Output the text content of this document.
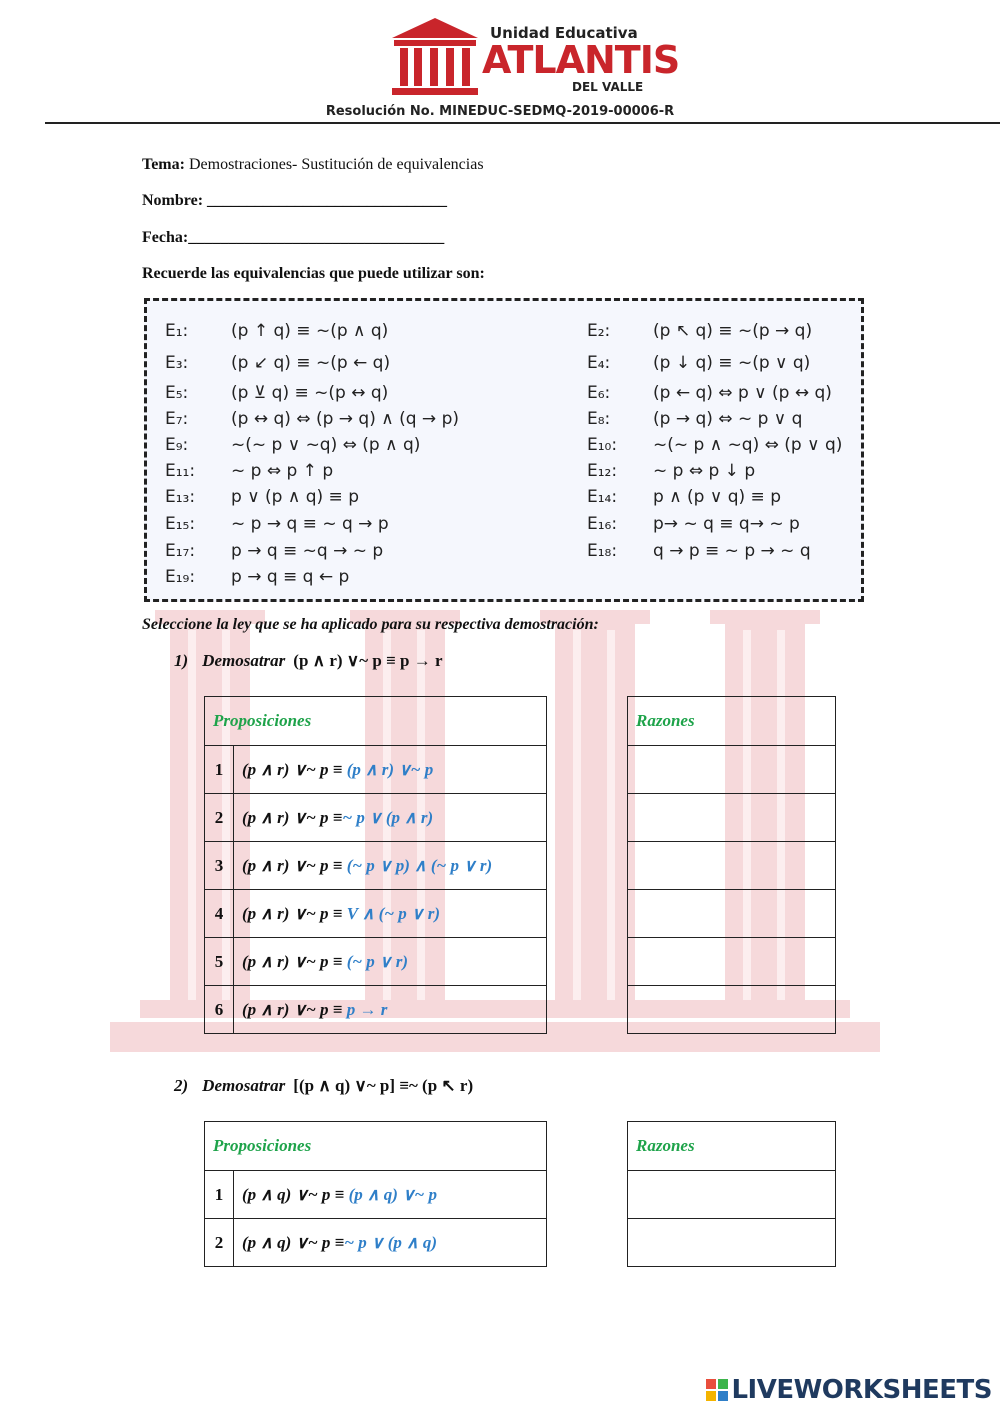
Unidad Educativa
ATLANTIS
DEL VALLE
Resolución No. MINEDUC-SEDMQ-2019-00006-R
Tema: Demostraciones- Sustitución de equivalencias
Nombre: ______________________________
Fecha:________________________________
Recuerde las equivalencias que puede utilizar son:
E₁:	(p ↑ q) ≡ ~(p ∧ q)	E₂:	(p ↖ q) ≡ ~(p → q)
E₃:	(p ↙ q) ≡ ~(p ← q)	E₄:	(p ↓ q) ≡ ~(p ∨ q)
E₅:	(p ⊻ q) ≡ ~(p ↔ q)	E₆:	(p ← q) ⇔ p ∨ (p ↔ q)
E₇:	(p ↔ q) ⇔ (p → q) ∧ (q → p)	E₈:	(p → q) ⇔ ~ p ∨ q
E₉:	~(~ p ∨ ~q) ⇔ (p ∧ q)	E₁₀: ~(~ p ∧ ~q) ⇔ (p ∨ q)
E₁₁: ~ p ⇔ p ↑ p	E₁₂: ~ p ⇔ p ↓ p
E₁₃: p ∨ (p ∧ q) ≡ p	E₁₄: p ∧ (p ∨ q) ≡ p
E₁₅: ~ p → q ≡ ~ q → p	E₁₆: p→ ~ q ≡ q→ ~ p
E₁₇: p → q ≡ ~q → ~ p	E₁₈: q → p ≡ ~ p → ~ q
E₁₉: p → q ≡ q ← p
Seleccione la ley que se ha aplicado para su respectiva demostración:
1) Demosatrar (p ∧ r) ∨~ p ≡ p → r
Proposiciones	
1	(p ∧ r) ∨~ p ≡ (p ∧ r) ∨~ p
2	(p ∧ r) ∨~ p ≡~ p ∨ (p ∧ r)
3	(p ∧ r) ∨~ p ≡ (~ p ∨ p) ∧ (~ p ∨ r)
4	(p ∧ r) ∨~ p ≡ V ∧ (~ p ∨ r)
5	(p ∧ r) ∨~ p ≡ (~ p ∨ r)
6	(p ∧ r) ∨~ p ≡ p → r
Razones

2) Demosatrar [(p ∧ q) ∨~ p] ≡~ (p ↖ r)
Proposiciones	
1	(p ∧ q) ∨~ p ≡ (p ∧ q) ∨~ p
2	(p ∧ q) ∨~ p ≡~ p ∨ (p ∧ q)
Razones

LIVEWORKSHEETS
